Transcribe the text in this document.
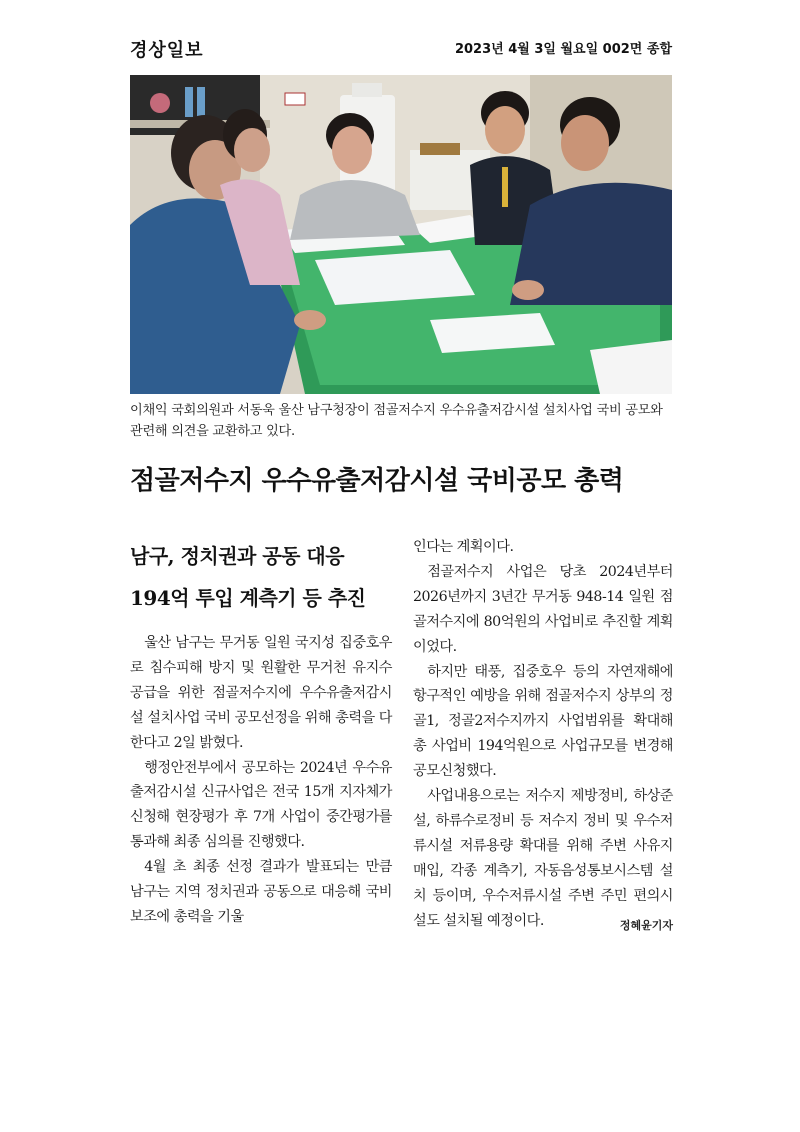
경상일보	2023년 4월 3일 월요일 002면 종합
이채익 국회의원과 서동욱 울산 남구청장이 점골저수지 우수유출저감시설 설치사업 국비 공모와 관련해 의견을 교환하고 있다.
점골저수지 우수유출저감시설 국비공모 총력
남구, 정치권과 공동 대응
194억 투입 계측기 등 추진

울산 남구는 무거동 일원 국지성 집중호우로 침수피해 방지 및 원활한 무거천 유지수 공급을 위한 점골저수지에 우수유출저감시설 설치사업 국비 공모선정을 위해 총력을 다한다고 2일 밝혔다.

행정안전부에서 공모하는 2024년 우수유출저감시설 신규사업은 전국 15개 지자체가 신청해 현장평가 후 7개 사업이 중간평가를 통과해 최종 심의를 진행했다.

4월 초 최종 선정 결과가 발표되는 만큼 남구는 지역 정치권과 공동으로 대응해 국비보조에 총력을 기울

인다는 계획이다.

점골저수지 사업은 당초 2024년부터 2026년까지 3년간 무거동 948-14 일원 점골저수지에 80억원의 사업비로 추진할 계획이었다.

하지만 태풍, 집중호우 등의 자연재해에 항구적인 예방을 위해 점골저수지 상부의 정골1, 정골2저수지까지 사업범위를 확대해 총 사업비 194억원으로 사업규모를 변경해 공모신청했다.

사업내용으로는 저수지 제방정비, 하상준설, 하류수로정비 등 저수지 정비 및 우수저류시설 저류용량 확대를 위해 주변 사유지 매입, 각종 계측기, 자동음성통보시스템 설치 등이며, 우수저류시설 주변 주민 편의시설도 설치될 예정이다.	정혜윤기자
